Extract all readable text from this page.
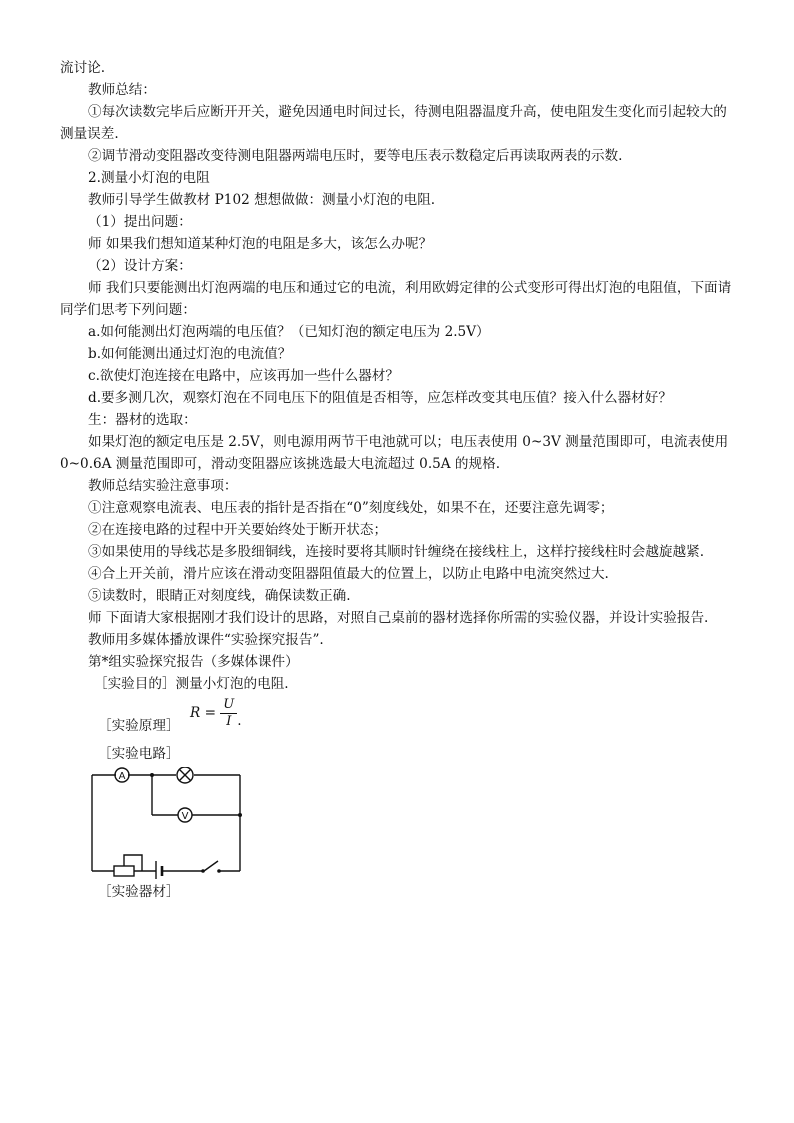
流讨论.

教师总结：

①每次读数完毕后应断开开关，避免因通电时间过长，待测电阻器温度升高，使电阻发生变化而引起较大的测量误差.

②调节滑动变阻器改变待测电阻器两端电压时，要等电压表示数稳定后再读取两表的示数.

2.测量小灯泡的电阻

教师引导学生做教材 P102 想想做做：测量小灯泡的电阻.

（1）提出问题：

师 如果我们想知道某种灯泡的电阻是多大，该怎么办呢？

（2）设计方案：

师 我们只要能测出灯泡两端的电压和通过它的电流，利用欧姆定律的公式变形可得出灯泡的电阻值，下面请同学们思考下列问题：

a.如何能测出灯泡两端的电压值？（已知灯泡的额定电压为 2.5V）

b.如何能测出通过灯泡的电流值？

c.欲使灯泡连接在电路中，应该再加一些什么器材？

d.要多测几次，观察灯泡在不同电压下的阻值是否相等，应怎样改变其电压值？接入什么器材好？

生：器材的选取：

如果灯泡的额定电压是 2.5V，则电源用两节干电池就可以；电压表使用 0~3V 测量范围即可，电流表使用 0~0.6A 测量范围即可，滑动变阻器应该挑选最大电流超过 0.5A 的规格.

教师总结实验注意事项：

①注意观察电流表、电压表的指针是否指在“0”刻度线处，如果不在，还要注意先调零；

②在连接电路的过程中开关要始终处于断开状态；

③如果使用的导线芯是多股细铜线，连接时要将其顺时针缠绕在接线柱上，这样拧接线柱时会越旋越紧.

④合上开关前，滑片应该在滑动变阻器阻值最大的位置上，以防止电路中电流突然过大.

⑤读数时，眼睛正对刻度线，确保读数正确.

师 下面请大家根据刚才我们设计的思路，对照自己桌前的器材选择你所需的实验仪器，并设计实验报告.

教师用多媒体播放课件“实验探究报告”.

第*组实验探究报告（多媒体课件）

［实验目的］测量小灯泡的电阻.

［实验原理］
$R = \frac{U}{I}$ .

［实验电路］

A
V

［实验器材］
